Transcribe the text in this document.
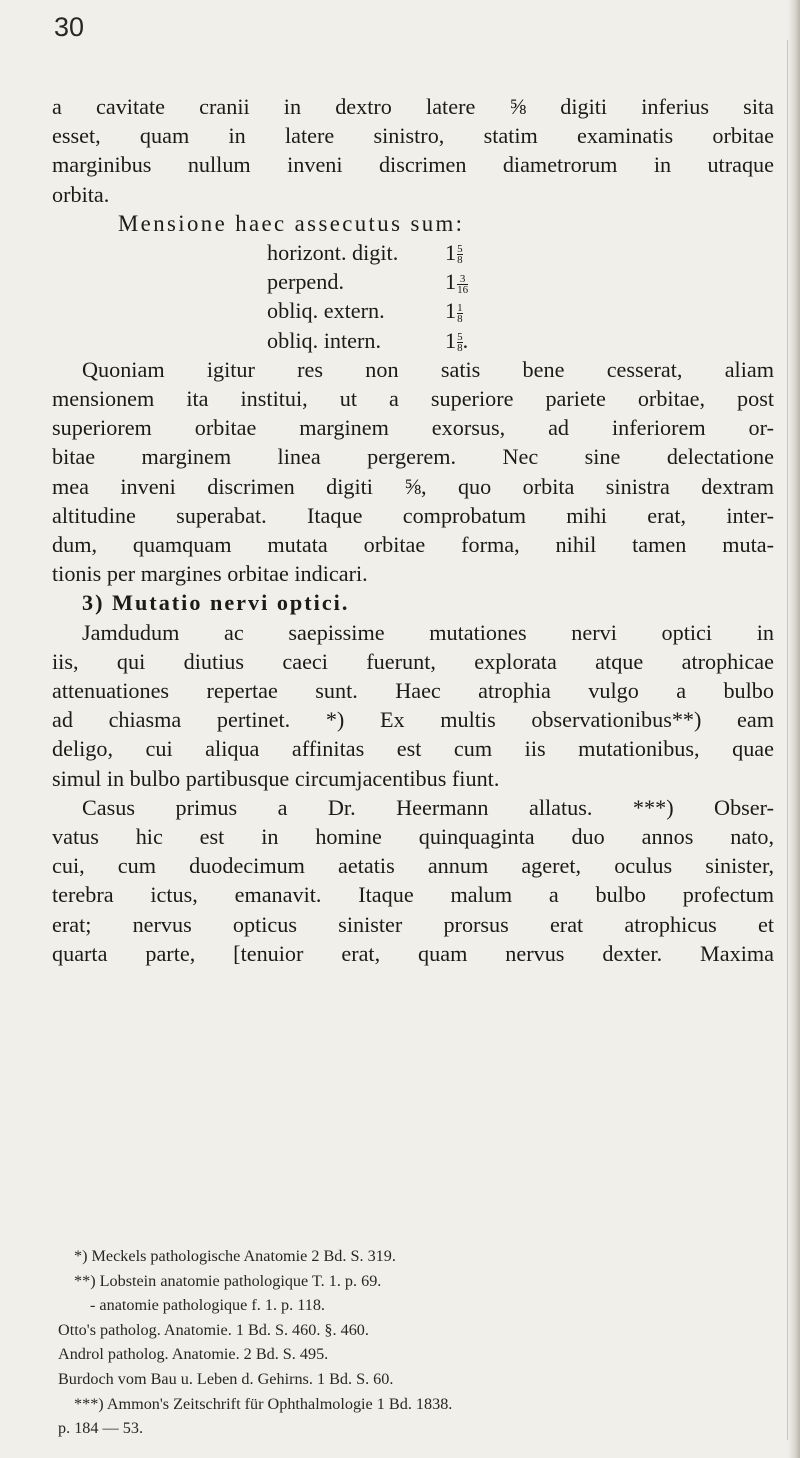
30
a cavitate cranii in dextro latere ⅝ digiti inferius sita
esset, quam in latere sinistro, statim examinatis orbitae
marginibus nullum inveni discrimen diametrorum in utraque
orbita.
Mensione haec assecutus sum:
horizont. digit.	$1 \frac{5}{8}$
perpend.	$1 \frac{3}{16}$
obliq. extern.	$1 \frac{1}{8}$
obliq. intern.	$1 \frac{5}{8}$ .
Quoniam igitur res non satis bene cesserat, aliam
mensionem ita institui, ut a superiore pariete orbitae, post
superiorem orbitae marginem exorsus, ad inferiorem or-
bitae marginem linea pergerem. Nec sine delectatione
mea inveni discrimen digiti ⅝, quo orbita sinistra dextram
altitudine superabat. Itaque comprobatum mihi erat, inter-
dum, quamquam mutata orbitae forma, nihil tamen muta-
tionis per margines orbitae indicari.
3) Mutatio nervi optici.
Jamdudum ac saepissime mutationes nervi optici in
iis, qui diutius caeci fuerunt, explorata atque atrophicae
attenuationes repertae sunt. Haec atrophia vulgo a bulbo
ad chiasma pertinet. *) Ex multis observationibus**) eam
deligo, cui aliqua affinitas est cum iis mutationibus, quae
simul in bulbo partibusque circumjacentibus fiunt.
Casus primus a Dr. Heermann allatus. ***) Obser-
vatus hic est in homine quinquaginta duo annos nato,
cui, cum duodecimum aetatis annum ageret, oculus sinister,
terebra ictus, emanavit. Itaque malum a bulbo profectum
erat; nervus opticus sinister prorsus erat atrophicus et
quarta parte, [tenuior erat, quam nervus dexter. Maxima
*) Meckels pathologische Anatomie 2 Bd. S. 319.
**) Lobstein anatomie pathologique T. 1. p. 69.
- anatomie pathologique f. 1. p. 118.
Otto's patholog. Anatomie. 1 Bd. S. 460. §. 460.
Androl patholog. Anatomie. 2 Bd. S. 495.
Burdoch vom Bau u. Leben d. Gehirns. 1 Bd. S. 60.
***) Ammon's Zeitschrift für Ophthalmologie 1 Bd. 1838.
p. 184 — 53.
